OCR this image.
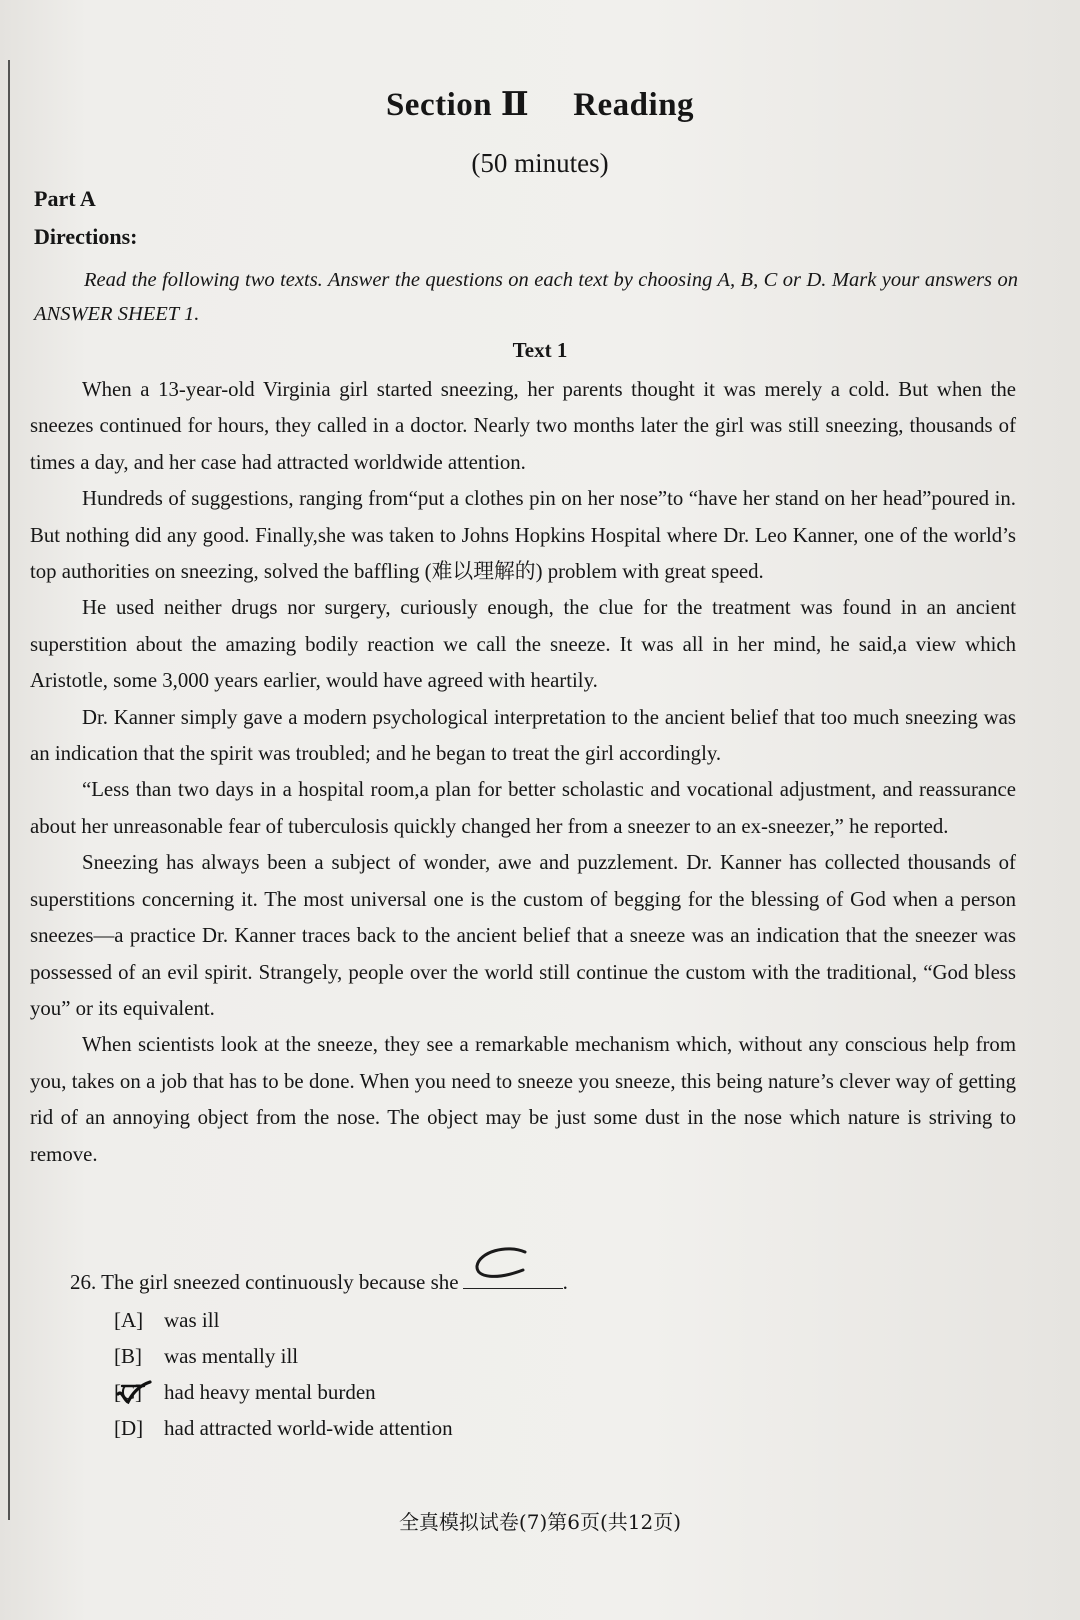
Section Ⅱ Reading
(50 minutes)
Part A
Directions:
Read the following two texts. Answer the questions on each text by choosing A, B, C or D. Mark your answers on ANSWER SHEET 1.
Text 1

When a 13-year-old Virginia girl started sneezing, her parents thought it was merely a cold. But when the sneezes continued for hours, they called in a doctor. Nearly two months later the girl was still sneezing, thousands of times a day, and her case had attracted worldwide attention.

Hundreds of suggestions, ranging from“put a clothes pin on her nose”to “have her stand on her head”poured in. But nothing did any good. Finally,she was taken to Johns Hopkins Hospital where Dr. Leo Kanner, one of the world’s top authorities on sneezing, solved the baffling (难以理解的) problem with great speed.

He used neither drugs nor surgery, curiously enough, the clue for the treatment was found in an ancient superstition about the amazing bodily reaction we call the sneeze. It was all in her mind, he said,a view which Aristotle, some 3,000 years earlier, would have agreed with heartily.

Dr. Kanner simply gave a modern psychological interpretation to the ancient belief that too much sneezing was an indication that the spirit was troubled; and he began to treat the girl accordingly.

“Less than two days in a hospital room,a plan for better scholastic and vocational adjustment, and reassurance about her unreasonable fear of tuberculosis quickly changed her from a sneezer to an ex-sneezer,” he reported.

Sneezing has always been a subject of wonder, awe and puzzlement. Dr. Kanner has collected thousands of superstitions concerning it. The most universal one is the custom of begging for the blessing of God when a person sneezes—a practice Dr. Kanner traces back to the ancient belief that a sneeze was an indication that the sneezer was possessed of an evil spirit. Strangely, people over the world still continue the custom with the traditional, “God bless you” or its equivalent.

When scientists look at the sneeze, they see a remarkable mechanism which, without any conscious help from you, takes on a job that has to be done. When you need to sneeze you sneeze, this being nature’s clever way of getting rid of an annoying object from the nose. The object may be just some dust in the nose which nature is striving to remove.

26. The girl sneezed continuously because she	.
[A] was ill
[B]	was mentally ill
[C]	had heavy mental burden
[D] had attracted world-wide attention
全真模拟试卷(7)第6页(共12页)
